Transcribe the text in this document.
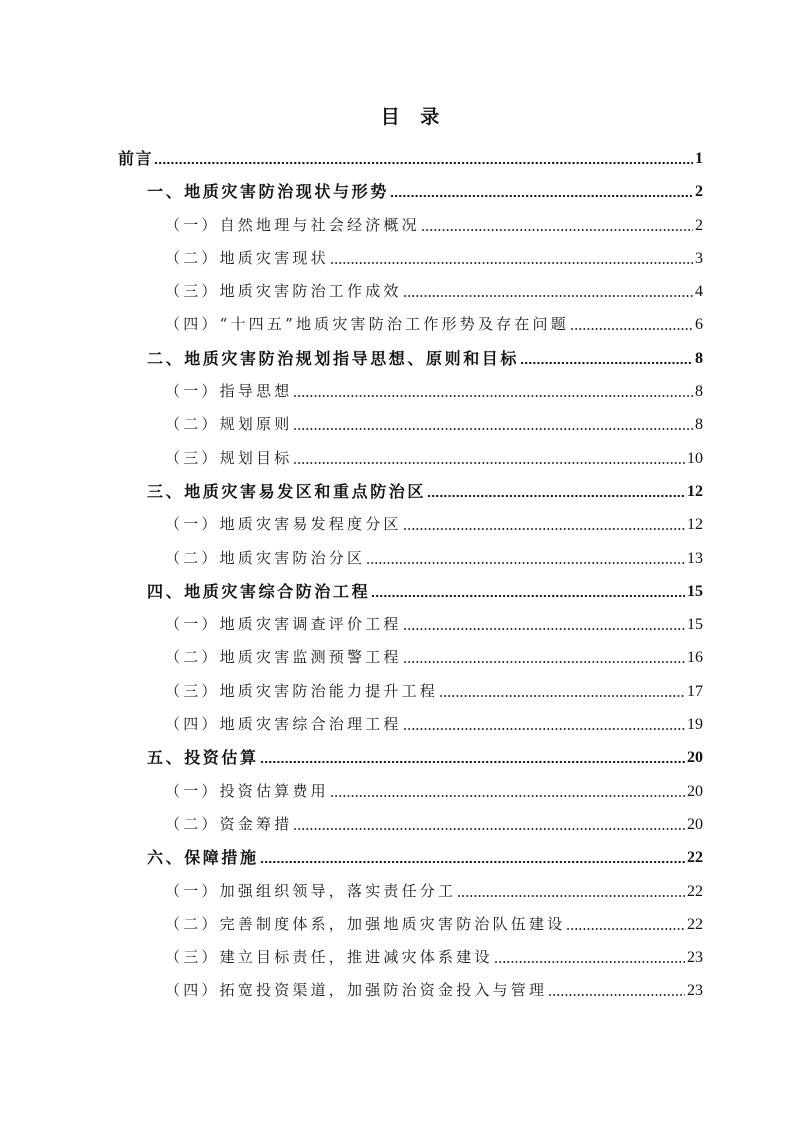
目 录
前言	1
一、地质灾害防治现状与形势	2
（一）自然地理与社会经济概况	2
（二）地质灾害现状	3
（三）地质灾害防治工作成效	4
（四）“十四五”地质灾害防治工作形势及存在问题	6
二、地质灾害防治规划指导思想、原则和目标	8
（一）指导思想	8
（二）规划原则	8
（三）规划目标	10
三、地质灾害易发区和重点防治区	12
（一）地质灾害易发程度分区	12
（二）地质灾害防治分区	13
四、地质灾害综合防治工程	15
（一）地质灾害调查评价工程	15
（二）地质灾害监测预警工程	16
（三）地质灾害防治能力提升工程	17
（四）地质灾害综合治理工程	19
五、投资估算	20
（一）投资估算费用	20
（二）资金筹措	20
六、保障措施	22
（一）加强组织领导，落实责任分工	22
（二）完善制度体系，加强地质灾害防治队伍建设	22
（三）建立目标责任，推进减灾体系建设	23
（四）拓宽投资渠道，加强防治资金投入与管理	23
